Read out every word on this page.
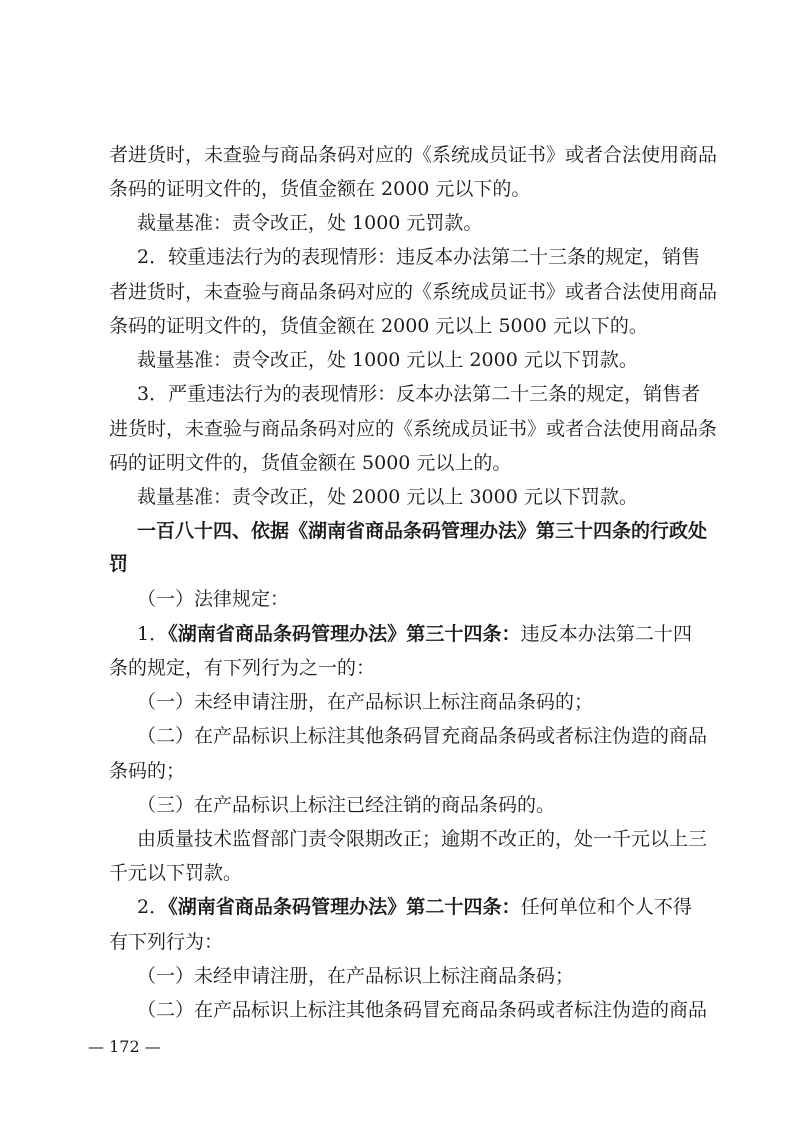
者进货时，未查验与商品条码对应的《系统成员证书》或者合法使用商品
条码的证明文件的，货值金额在 2000 元以下的。
裁量基准：责令改正，处 1000 元罚款。
2．较重违法行为的表现情形：违反本办法第二十三条的规定，销售
者进货时，未查验与商品条码对应的《系统成员证书》或者合法使用商品
条码的证明文件的，货值金额在 2000 元以上 5000 元以下的。
裁量基准：责令改正，处 1000 元以上 2000 元以下罚款。
3．严重违法行为的表现情形：反本办法第二十三条的规定，销售者
进货时，未查验与商品条码对应的《系统成员证书》或者合法使用商品条
码的证明文件的，货值金额在 5000 元以上的。
裁量基准：责令改正，处 2000 元以上 3000 元以下罚款。
一百八十四、依据《湖南省商品条码管理办法》第三十四条的行政处
罚
（一）法律规定：
1．《湖南省商品条码管理办法》第三十四条：违反本办法第二十四
条的规定，有下列行为之一的：
（一）未经申请注册，在产品标识上标注商品条码的；
（二）在产品标识上标注其他条码冒充商品条码或者标注伪造的商品
条码的；
（三）在产品标识上标注已经注销的商品条码的。
由质量技术监督部门责令限期改正；逾期不改正的，处一千元以上三
千元以下罚款。
2．《湖南省商品条码管理办法》第二十四条：任何单位和个人不得
有下列行为：
（一）未经申请注册，在产品标识上标注商品条码；
（二）在产品标识上标注其他条码冒充商品条码或者标注伪造的商品
— 172 —
